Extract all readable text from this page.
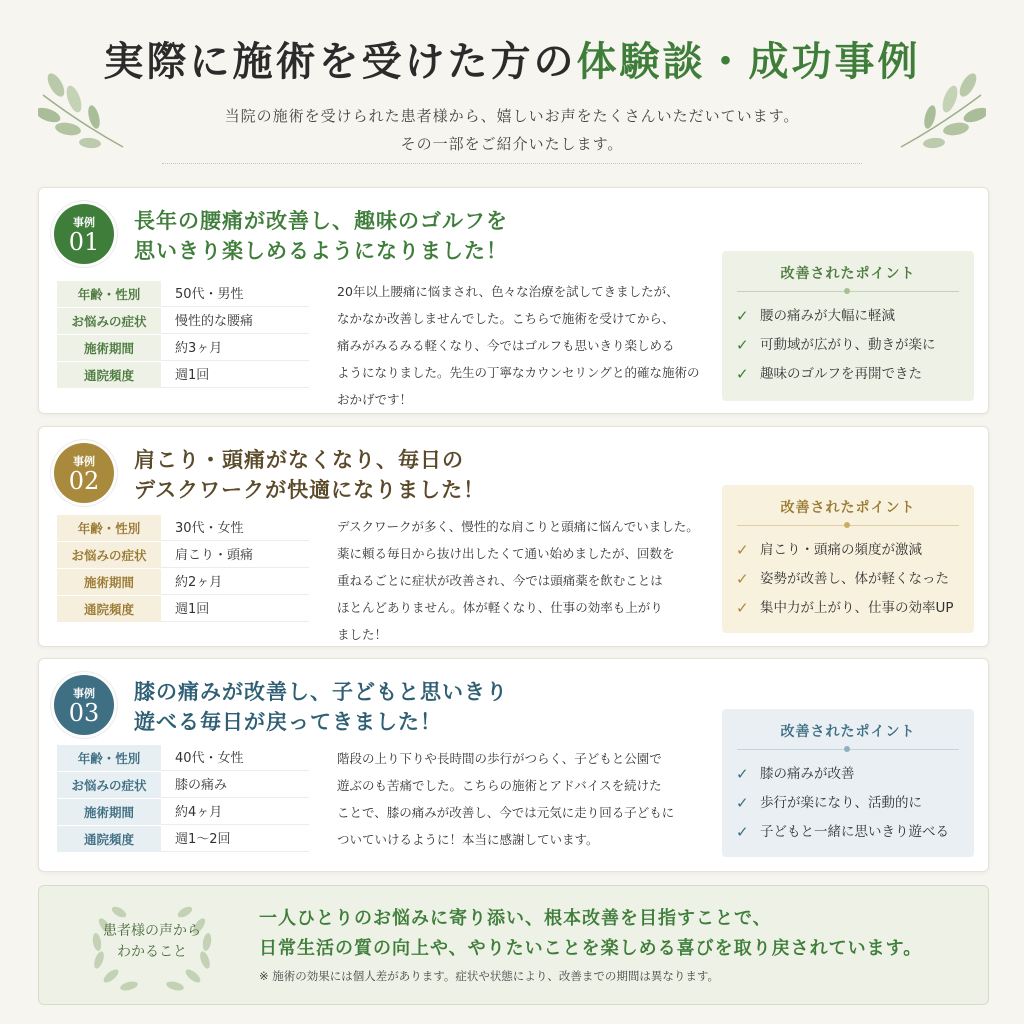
実際に施術を受けた方の体験談・成功事例

当院の施術を受けられた患者様から、嬉しいお声をたくさんいただいています。
その一部をご紹介いたします。

事例
01
長年の腰痛が改善し、趣味のゴルフを
思いきり楽しめるようになりました！
年齢・性別	50代・男性
お悩みの症状	慢性的な腰痛
施術期間	約3ヶ月
通院頻度	週1回
20年以上腰痛に悩まされ、色々な治療を試してきましたが、
なかなか改善しませんでした。こちらで施術を受けてから、
痛みがみるみる軽くなり、今ではゴルフも思いきり楽しめる
ようになりました。先生の丁寧なカウンセリングと的確な施術の
おかげです！
改善されたポイント
✓ 腰の痛みが大幅に軽減
✓ 可動域が広がり、動きが楽に
✓ 趣味のゴルフを再開できた
事例
02
肩こり・頭痛がなくなり、毎日の
デスクワークが快適になりました！
年齢・性別	30代・女性
お悩みの症状	肩こり・頭痛
施術期間	約2ヶ月
通院頻度	週1回
デスクワークが多く、慢性的な肩こりと頭痛に悩んでいました。
薬に頼る毎日から抜け出したくて通い始めましたが、回数を
重ねるごとに症状が改善され、今では頭痛薬を飲むことは
ほとんどありません。体が軽くなり、仕事の効率も上がり
ました！
改善されたポイント
✓ 肩こり・頭痛の頻度が激減
✓ 姿勢が改善し、体が軽くなった
✓ 集中力が上がり、仕事の効率UP
事例
03
膝の痛みが改善し、子どもと思いきり
遊べる毎日が戻ってきました！
年齢・性別	40代・女性
お悩みの症状	膝の痛み
施術期間	約4ヶ月
通院頻度	週1〜2回
階段の上り下りや長時間の歩行がつらく、子どもと公園で
遊ぶのも苦痛でした。こちらの施術とアドバイスを続けた
ことで、膝の痛みが改善し、今では元気に走り回る子どもに
ついていけるように！本当に感謝しています。
改善されたポイント
✓ 膝の痛みが改善
✓ 歩行が楽になり、活動的に
✓ 子どもと一緒に思いきり遊べる
患者様の声から
わかること
一人ひとりのお悩みに寄り添い、根本改善を目指すことで、
日常生活の質の向上や、やりたいことを楽しめる喜びを取り戻されています。
※ 施術の効果には個人差があります。症状や状態により、改善までの期間は異なります。
